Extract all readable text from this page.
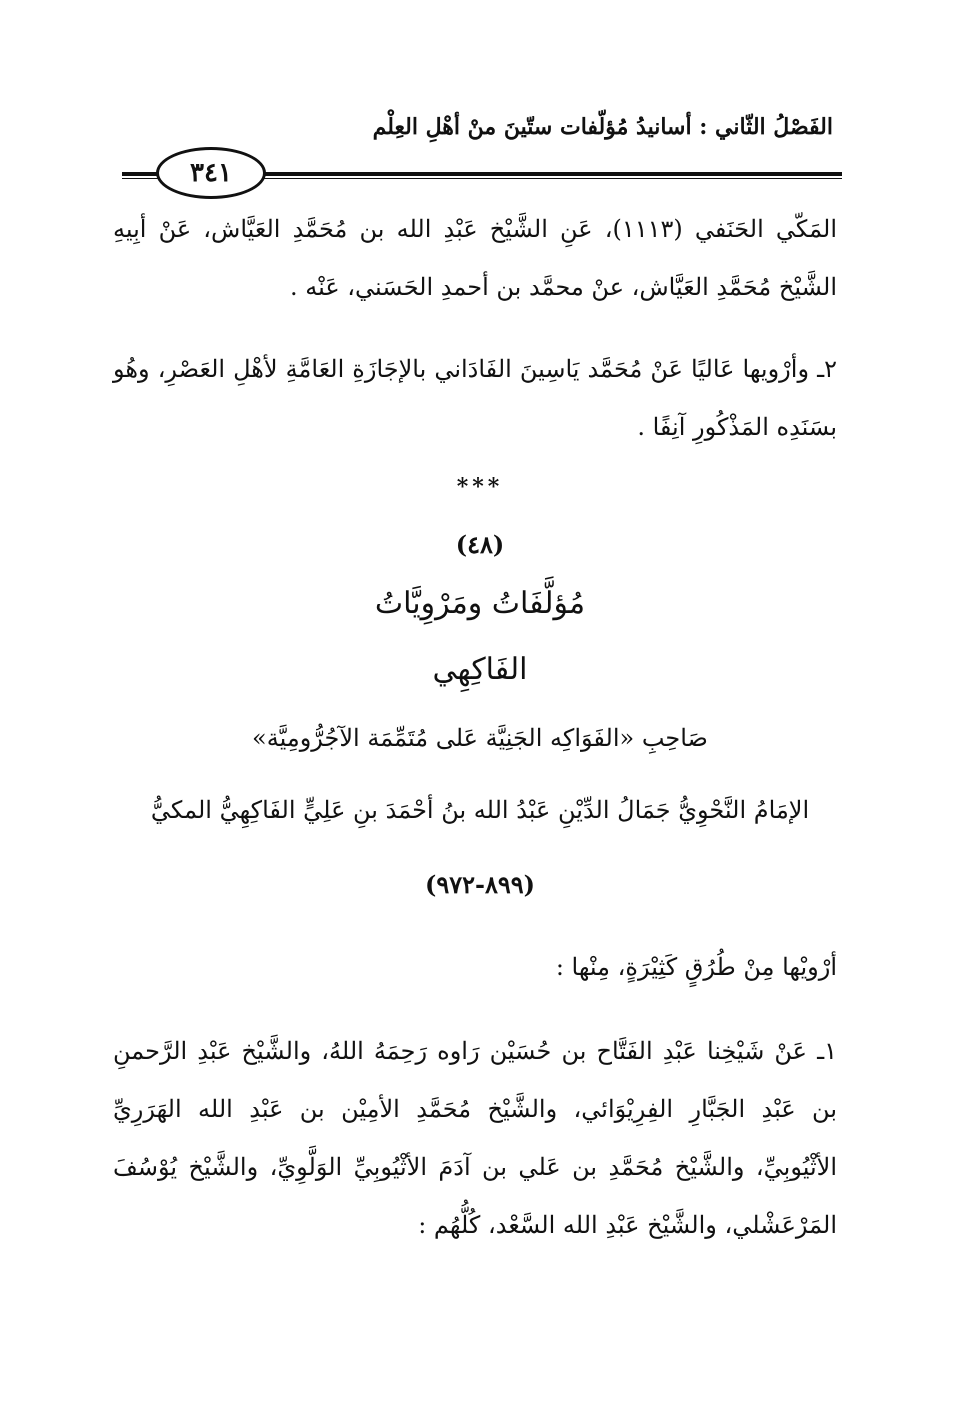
الفَصْلُ الثّاني : أسانيدُ مُؤلّفات ستّينَ منْ أهْلِ العِلْم
٣٤١
المَكّي الحَنَفي (١١١٣)، عَنِ الشَّيْخ عَبْدِ الله بن مُحَمَّدِ العَيَّاش، عَنْ أبِيهِ الشَّيْخ مُحَمَّدِ العَيَّاش، عنْ محمَّد بن أحمدِ الحَسَني، عَنْه .
٢ـ وأرْويها عَاليًا عَنْ مُحَمَّد يَاسِينَ الفَادَاني بالإجَازَةِ العَامَّةِ لأهْلِ العَصْرِ، وهُو بسَنَدِه المَذْكُورِ آنِفًا .
***
(٤٨)
مُؤلَّفَاتُ ومَرْوِيَّاتُ
الفَاكِهِي
صَاحِبِ «الفَوَاكِه الجَنِيَّة عَلى مُتَمِّمَة الآجُرُّومِيَّة»
الإمَامُ النَّحْوِيُّ جَمَالُ الدِّيْنِ عَبْدُ الله بنُ أحْمَدَ بنِ عَلِيٍّ الفَاكِهِيُّ المكيُّ
(٨٩٩-٩٧٢)
أرْويْها مِنْ طُرُقٍ كَثِيْرَةٍ، مِنْها :
١ـ عَنْ شَيْخِنا عَبْدِ الفَتَّاح بن حُسَيْن رَاوه رَحِمَهُ اللهُ، والشَّيْخ عَبْدِ الرَّحمنِ بن عَبْدِ الجَبَّارِ الفِرِيْوَائي، والشَّيْخ مُحَمَّدِ الأمِيْن بن عَبْدِ الله الهَرَرِيِّ الأثْيُوبِيِّ، والشَّيْخ مُحَمَّدِ بن عَلي بن آدَمَ الأثْيُوبِيِّ الوَلَّوِيِّ، والشَّيْخ يُوْسُفَ المَرْعَشْلي، والشَّيْخ عَبْدِ الله السَّعْد، كُلُّهُم :
